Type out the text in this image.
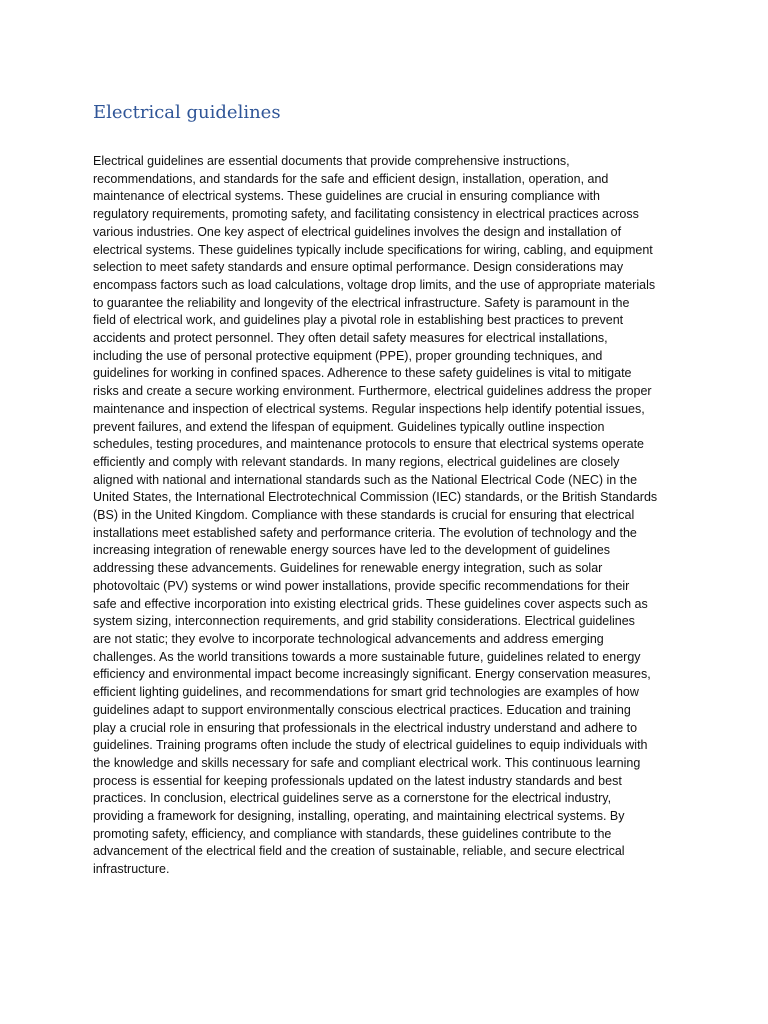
Electrical guidelines
Electrical guidelines are essential documents that provide comprehensive instructions,
recommendations, and standards for the safe and efficient design, installation, operation, and
maintenance of electrical systems. These guidelines are crucial in ensuring compliance with
regulatory requirements, promoting safety, and facilitating consistency in electrical practices across
various industries. One key aspect of electrical guidelines involves the design and installation of
electrical systems. These guidelines typically include specifications for wiring, cabling, and equipment
selection to meet safety standards and ensure optimal performance. Design considerations may
encompass factors such as load calculations, voltage drop limits, and the use of appropriate materials
to guarantee the reliability and longevity of the electrical infrastructure. Safety is paramount in the
field of electrical work, and guidelines play a pivotal role in establishing best practices to prevent
accidents and protect personnel. They often detail safety measures for electrical installations,
including the use of personal protective equipment (PPE), proper grounding techniques, and
guidelines for working in confined spaces. Adherence to these safety guidelines is vital to mitigate
risks and create a secure working environment. Furthermore, electrical guidelines address the proper
maintenance and inspection of electrical systems. Regular inspections help identify potential issues,
prevent failures, and extend the lifespan of equipment. Guidelines typically outline inspection
schedules, testing procedures, and maintenance protocols to ensure that electrical systems operate
efficiently and comply with relevant standards. In many regions, electrical guidelines are closely
aligned with national and international standards such as the National Electrical Code (NEC) in the
United States, the International Electrotechnical Commission (IEC) standards, or the British Standards
(BS) in the United Kingdom. Compliance with these standards is crucial for ensuring that electrical
installations meet established safety and performance criteria. The evolution of technology and the
increasing integration of renewable energy sources have led to the development of guidelines
addressing these advancements. Guidelines for renewable energy integration, such as solar
photovoltaic (PV) systems or wind power installations, provide specific recommendations for their
safe and effective incorporation into existing electrical grids. These guidelines cover aspects such as
system sizing, interconnection requirements, and grid stability considerations. Electrical guidelines
are not static; they evolve to incorporate technological advancements and address emerging
challenges. As the world transitions towards a more sustainable future, guidelines related to energy
efficiency and environmental impact become increasingly significant. Energy conservation measures,
efficient lighting guidelines, and recommendations for smart grid technologies are examples of how
guidelines adapt to support environmentally conscious electrical practices. Education and training
play a crucial role in ensuring that professionals in the electrical industry understand and adhere to
guidelines. Training programs often include the study of electrical guidelines to equip individuals with
the knowledge and skills necessary for safe and compliant electrical work. This continuous learning
process is essential for keeping professionals updated on the latest industry standards and best
practices. In conclusion, electrical guidelines serve as a cornerstone for the electrical industry,
providing a framework for designing, installing, operating, and maintaining electrical systems. By
promoting safety, efficiency, and compliance with standards, these guidelines contribute to the
advancement of the electrical field and the creation of sustainable, reliable, and secure electrical
infrastructure.
